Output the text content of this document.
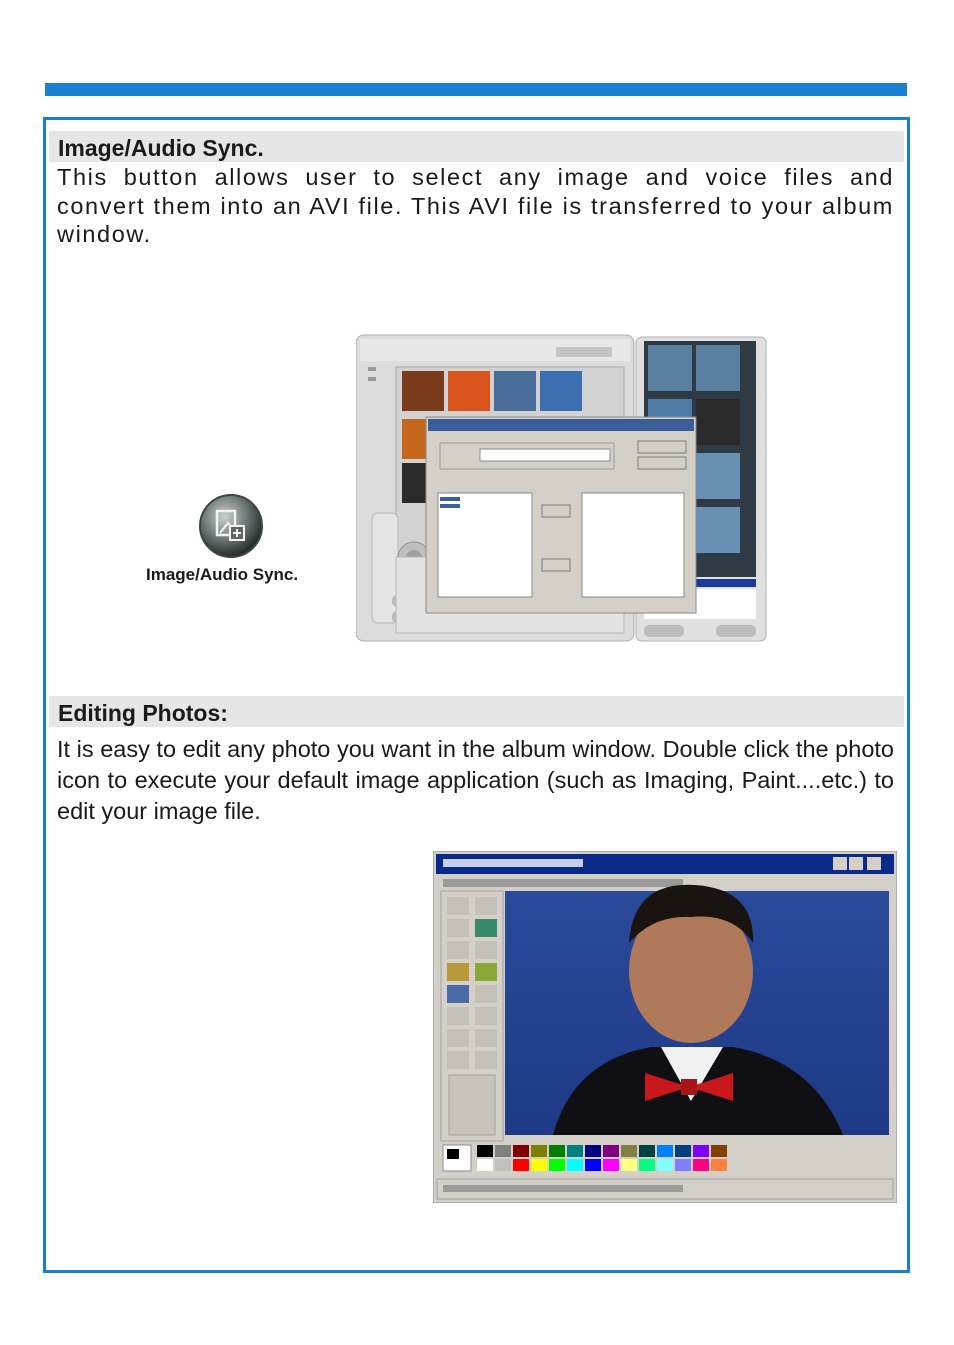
Image/Audio Sync.
This button allows user to select any image and voice files and convert them into an AVI file. This AVI file is transferred to your album window.
Image/Audio Sync.
Editing Photos:
It is easy to edit any photo you want in the album window. Double click the photo icon to execute your default image application (such as Imaging, Paint....etc.) to edit your image file.
